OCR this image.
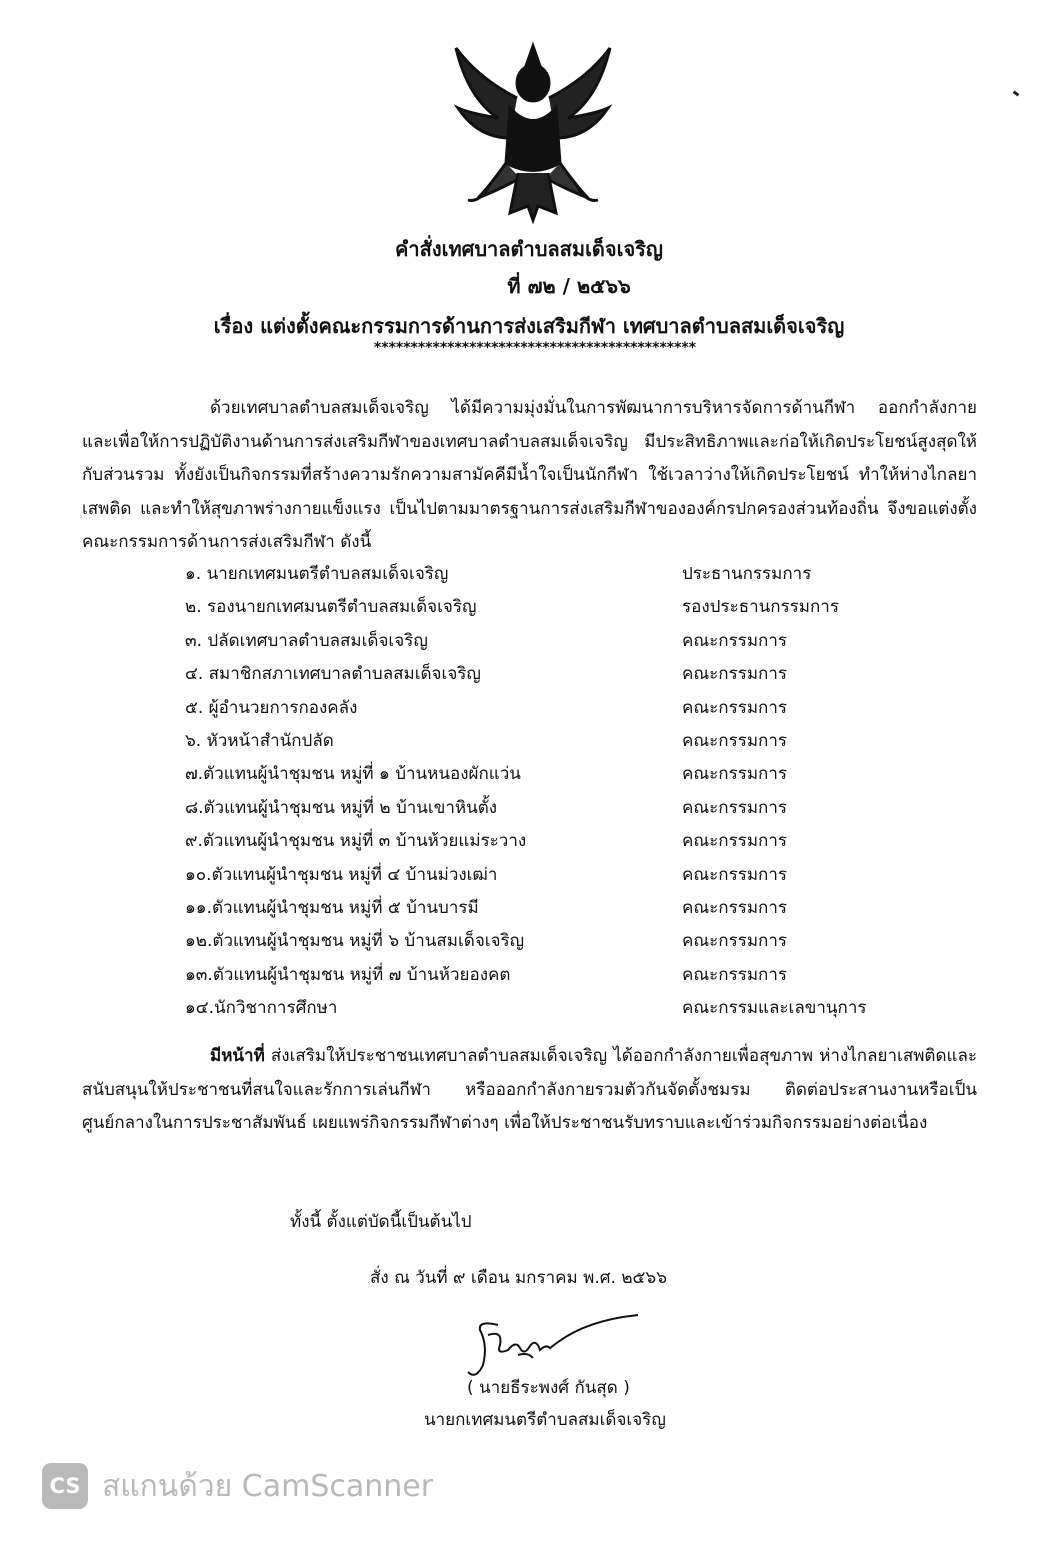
คำสั่งเทศบาลตำบลสมเด็จเจริญ
ที่ ๗๒ / ๒๕๖๖
เรื่อง แต่งตั้งคณะกรรมการด้านการส่งเสริมกีฬา เทศบาลตำบลสมเด็จเจริญ
********************************************
ด้วยเทศบาลตำบลสมเด็จเจริญ ได้มีความมุ่งมั่นในการพัฒนาการบริหารจัดการด้านกีฬา ออกกำลังกาย และเพื่อให้การปฏิบัติงานด้านการส่งเสริมกีฬาของเทศบาลตำบลสมเด็จเจริญ มีประสิทธิภาพและก่อให้เกิดประโยชน์สูงสุดให้กับส่วนรวม ทั้งยังเป็นกิจกรรมที่สร้างความรักความสามัคคีมีน้ำใจเป็นนักกีฬา ใช้เวลาว่างให้เกิดประโยชน์ ทำให้ห่างไกลยาเสพติด และทำให้สุขภาพร่างกายแข็งแรง เป็นไปตามมาตรฐานการส่งเสริมกีฬาขององค์กรปกครองส่วนท้องถิ่น จึงขอแต่งตั้งคณะกรรมการด้านการส่งเสริมกีฬา ดังนี้
๑. นายกเทศมนตรีตำบลสมเด็จเจริญ	ประธานกรรมการ
๒. รองนายกเทศมนตรีตำบลสมเด็จเจริญ	รองประธานกรรมการ
๓. ปลัดเทศบาลตำบลสมเด็จเจริญ	คณะกรรมการ
๔. สมาชิกสภาเทศบาลตำบลสมเด็จเจริญ	คณะกรรมการ
๕. ผู้อำนวยการกองคลัง	คณะกรรมการ
๖. หัวหน้าสำนักปลัด	คณะกรรมการ
๗.ตัวแทนผู้นำชุมชน หมู่ที่ ๑ บ้านหนองผักแว่น	คณะกรรมการ
๘.ตัวแทนผู้นำชุมชน หมู่ที่ ๒ บ้านเขาหินตั้ง	คณะกรรมการ
๙.ตัวแทนผู้นำชุมชน หมู่ที่ ๓ บ้านห้วยแม่ระวาง	คณะกรรมการ
๑๐.ตัวแทนผู้นำชุมชน หมู่ที่ ๔ บ้านม่วงเฒ่า	คณะกรรมการ
๑๑.ตัวแทนผู้นำชุมชน หมู่ที่ ๕ บ้านบารมี	คณะกรรมการ
๑๒.ตัวแทนผู้นำชุมชน หมู่ที่ ๖ บ้านสมเด็จเจริญ	คณะกรรมการ
๑๓.ตัวแทนผู้นำชุมชน หมู่ที่ ๗ บ้านห้วยองคต	คณะกรรมการ
๑๔.นักวิชาการศึกษา	คณะกรรมและเลขานุการ
มีหน้าที่ ส่งเสริมให้ประชาชนเทศบาลตำบลสมเด็จเจริญ ได้ออกกำลังกายเพื่อสุขภาพ ห่างไกลยาเสพติดและสนับสนุนให้ประชาชนที่สนใจและรักการเล่นกีฬา หรือออกกำลังกายรวมตัวกันจัดตั้งชมรม ติดต่อประสานงานหรือเป็นศูนย์กลางในการประชาสัมพันธ์ เผยแพร่กิจกรรมกีฬาต่างๆ เพื่อให้ประชาชนรับทราบและเข้าร่วมกิจกรรมอย่างต่อเนื่อง
ทั้งนี้ ตั้งแต่บัดนี้เป็นต้นไป
สั่ง ณ วันที่ ๙ เดือน มกราคม พ.ศ. ๒๕๖๖
( นายธีระพงศ์ กันสุด )
นายกเทศมนตรีตำบลสมเด็จเจริญ
CS สแกนด้วย CamScanner
